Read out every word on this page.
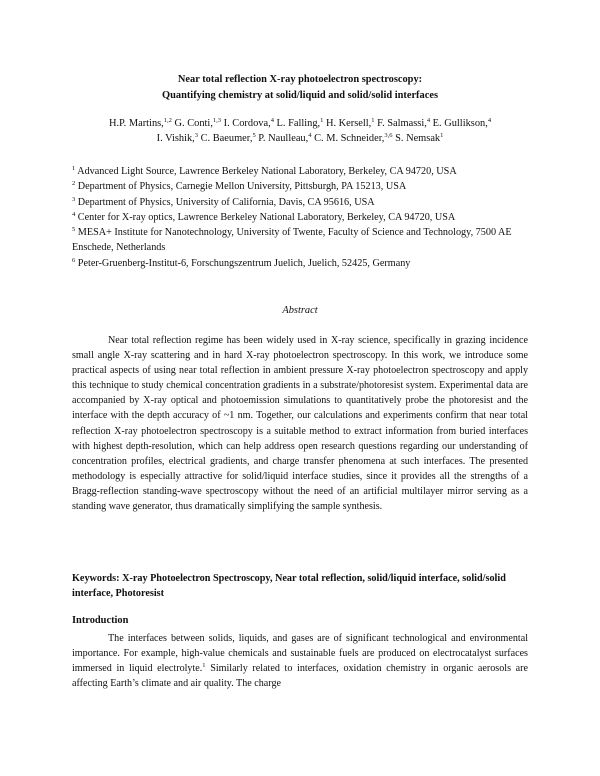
Near total reflection X-ray photoelectron spectroscopy:
Quantifying chemistry at solid/liquid and solid/solid interfaces
H.P. Martins,$^{1,2}$ G. Conti,$^{1,3}$ I. Cordova,$^4$ L. Falling,$^1$ H. Kersell,$^1$ F. Salmassi,$^4$ E. Gullikson,$^4$
I. Vishik,$^3$ C. Baeumer,$^5$ P. Naulleau,$^4$ C. M. Schneider,$^{3,6}$ S. Nemsak$^1$
$^1$ Advanced Light Source, Lawrence Berkeley National Laboratory, Berkeley, CA 94720, USA
$^2$ Department of Physics, Carnegie Mellon University, Pittsburgh, PA 15213, USA
$^3$ Department of Physics, University of California, Davis, CA 95616, USA
$^4$ Center for X-ray optics, Lawrence Berkeley National Laboratory, Berkeley, CA 94720, USA
$^5$ MESA+ Institute for Nanotechnology, University of Twente, Faculty of Science and Technology, 7500 AE Enschede, Netherlands
$^6$ Peter-Gruenberg-Institut-6, Forschungszentrum Juelich, Juelich, 52425, Germany
Abstract

Near total reflection regime has been widely used in X-ray science, specifically in grazing incidence small angle X-ray scattering and in hard X-ray photoelectron spectroscopy. In this work, we introduce some practical aspects of using near total reflection in ambient pressure X-ray photoelectron spectroscopy and apply this technique to study chemical concentration gradients in a substrate/photoresist system. Experimental data are accompanied by X-ray optical and photoemission simulations to quantitatively probe the photoresist and the interface with the depth accuracy of ~1 nm. Together, our calculations and experiments confirm that near total reflection X-ray photoelectron spectroscopy is a suitable method to extract information from buried interfaces with highest depth-resolution, which can help address open research questions regarding our understanding of concentration profiles, electrical gradients, and charge transfer phenomena at such interfaces. The presented methodology is especially attractive for solid/liquid interface studies, since it provides all the strengths of a Bragg-reflection standing-wave spectroscopy without the need of an artificial multilayer mirror serving as a standing wave generator, thus dramatically simplifying the sample synthesis.

Keywords: X-ray Photoelectron Spectroscopy, Near total reflection, solid/liquid interface, solid/solid interface, Photoresist

Introduction

The interfaces between solids, liquids, and gases are of significant technological and environmental importance. For example, high-value chemicals and sustainable fuels are produced on electrocatalyst surfaces immersed in liquid electrolyte.$^1$ Similarly related to interfaces, oxidation chemistry in organic aerosols are affecting Earth’s climate and air quality. The charge
